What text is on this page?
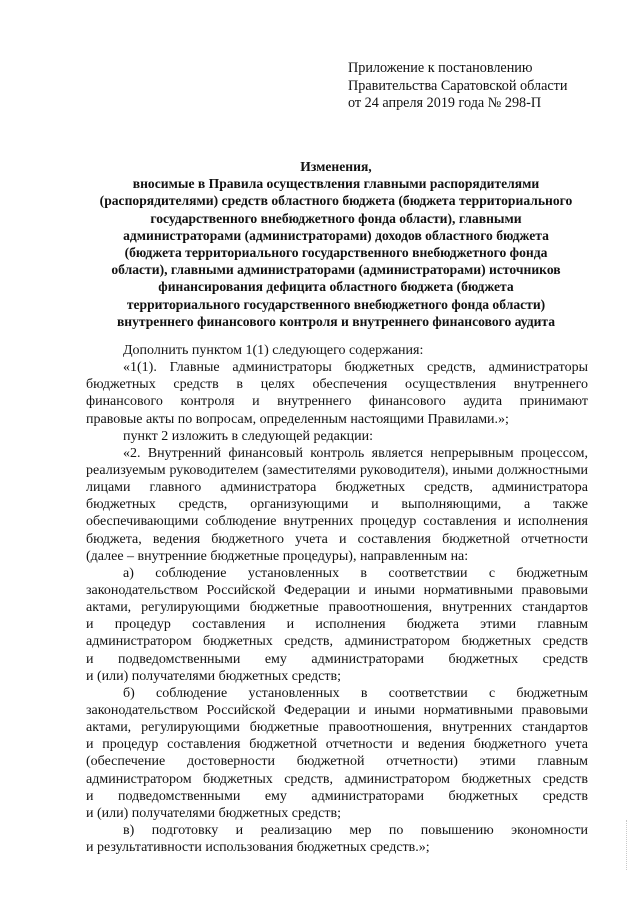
Приложение к постановлению
Правительства Саратовской области
от 24 апреля 2019 года № 298-П
Изменения,
вносимые в Правила осуществления главными распорядителями
(распорядителями) средств областного бюджета (бюджета территориального
государственного внебюджетного фонда области), главными
администраторами (администраторами) доходов областного бюджета
(бюджета территориального государственного внебюджетного фонда
области), главными администраторами (администраторами) источников
финансирования дефицита областного бюджета (бюджета
территориального государственного внебюджетного фонда области)
внутреннего финансового контроля и внутреннего финансового аудита
Дополнить пунктом 1(1) следующего содержания:
«1(1). Главные администраторы бюджетных средств, администраторы
бюджетных средств в целях обеспечения осуществления внутреннего
финансового контроля и внутреннего финансового аудита принимают
правовые акты по вопросам, определенным настоящими Правилами.»;
пункт 2 изложить в следующей редакции:
«2. Внутренний финансовый контроль является непрерывным процессом,
реализуемым руководителем (заместителями руководителя), иными должностными
лицами главного администратора бюджетных средств, администратора
бюджетных средств, организующими и выполняющими, а также
обеспечивающими соблюдение внутренних процедур составления и исполнения
бюджета, ведения бюджетного учета и составления бюджетной отчетности
(далее – внутренние бюджетные процедуры), направленным на:
а) соблюдение установленных в соответствии с бюджетным
законодательством Российской Федерации и иными нормативными правовыми
актами, регулирующими бюджетные правоотношения, внутренних стандартов
и процедур составления и исполнения бюджета этими главным
администратором бюджетных средств, администратором бюджетных средств
и подведомственными ему администраторами бюджетных средств
и (или) получателями бюджетных средств;
б) соблюдение установленных в соответствии с бюджетным
законодательством Российской Федерации и иными нормативными правовыми
актами, регулирующими бюджетные правоотношения, внутренних стандартов
и процедур составления бюджетной отчетности и ведения бюджетного учета
(обеспечение достоверности бюджетной отчетности) этими главным
администратором бюджетных средств, администратором бюджетных средств
и подведомственными ему администраторами бюджетных средств
и (или) получателями бюджетных средств;
в) подготовку и реализацию мер по повышению экономности
и результативности использования бюджетных средств.»;
